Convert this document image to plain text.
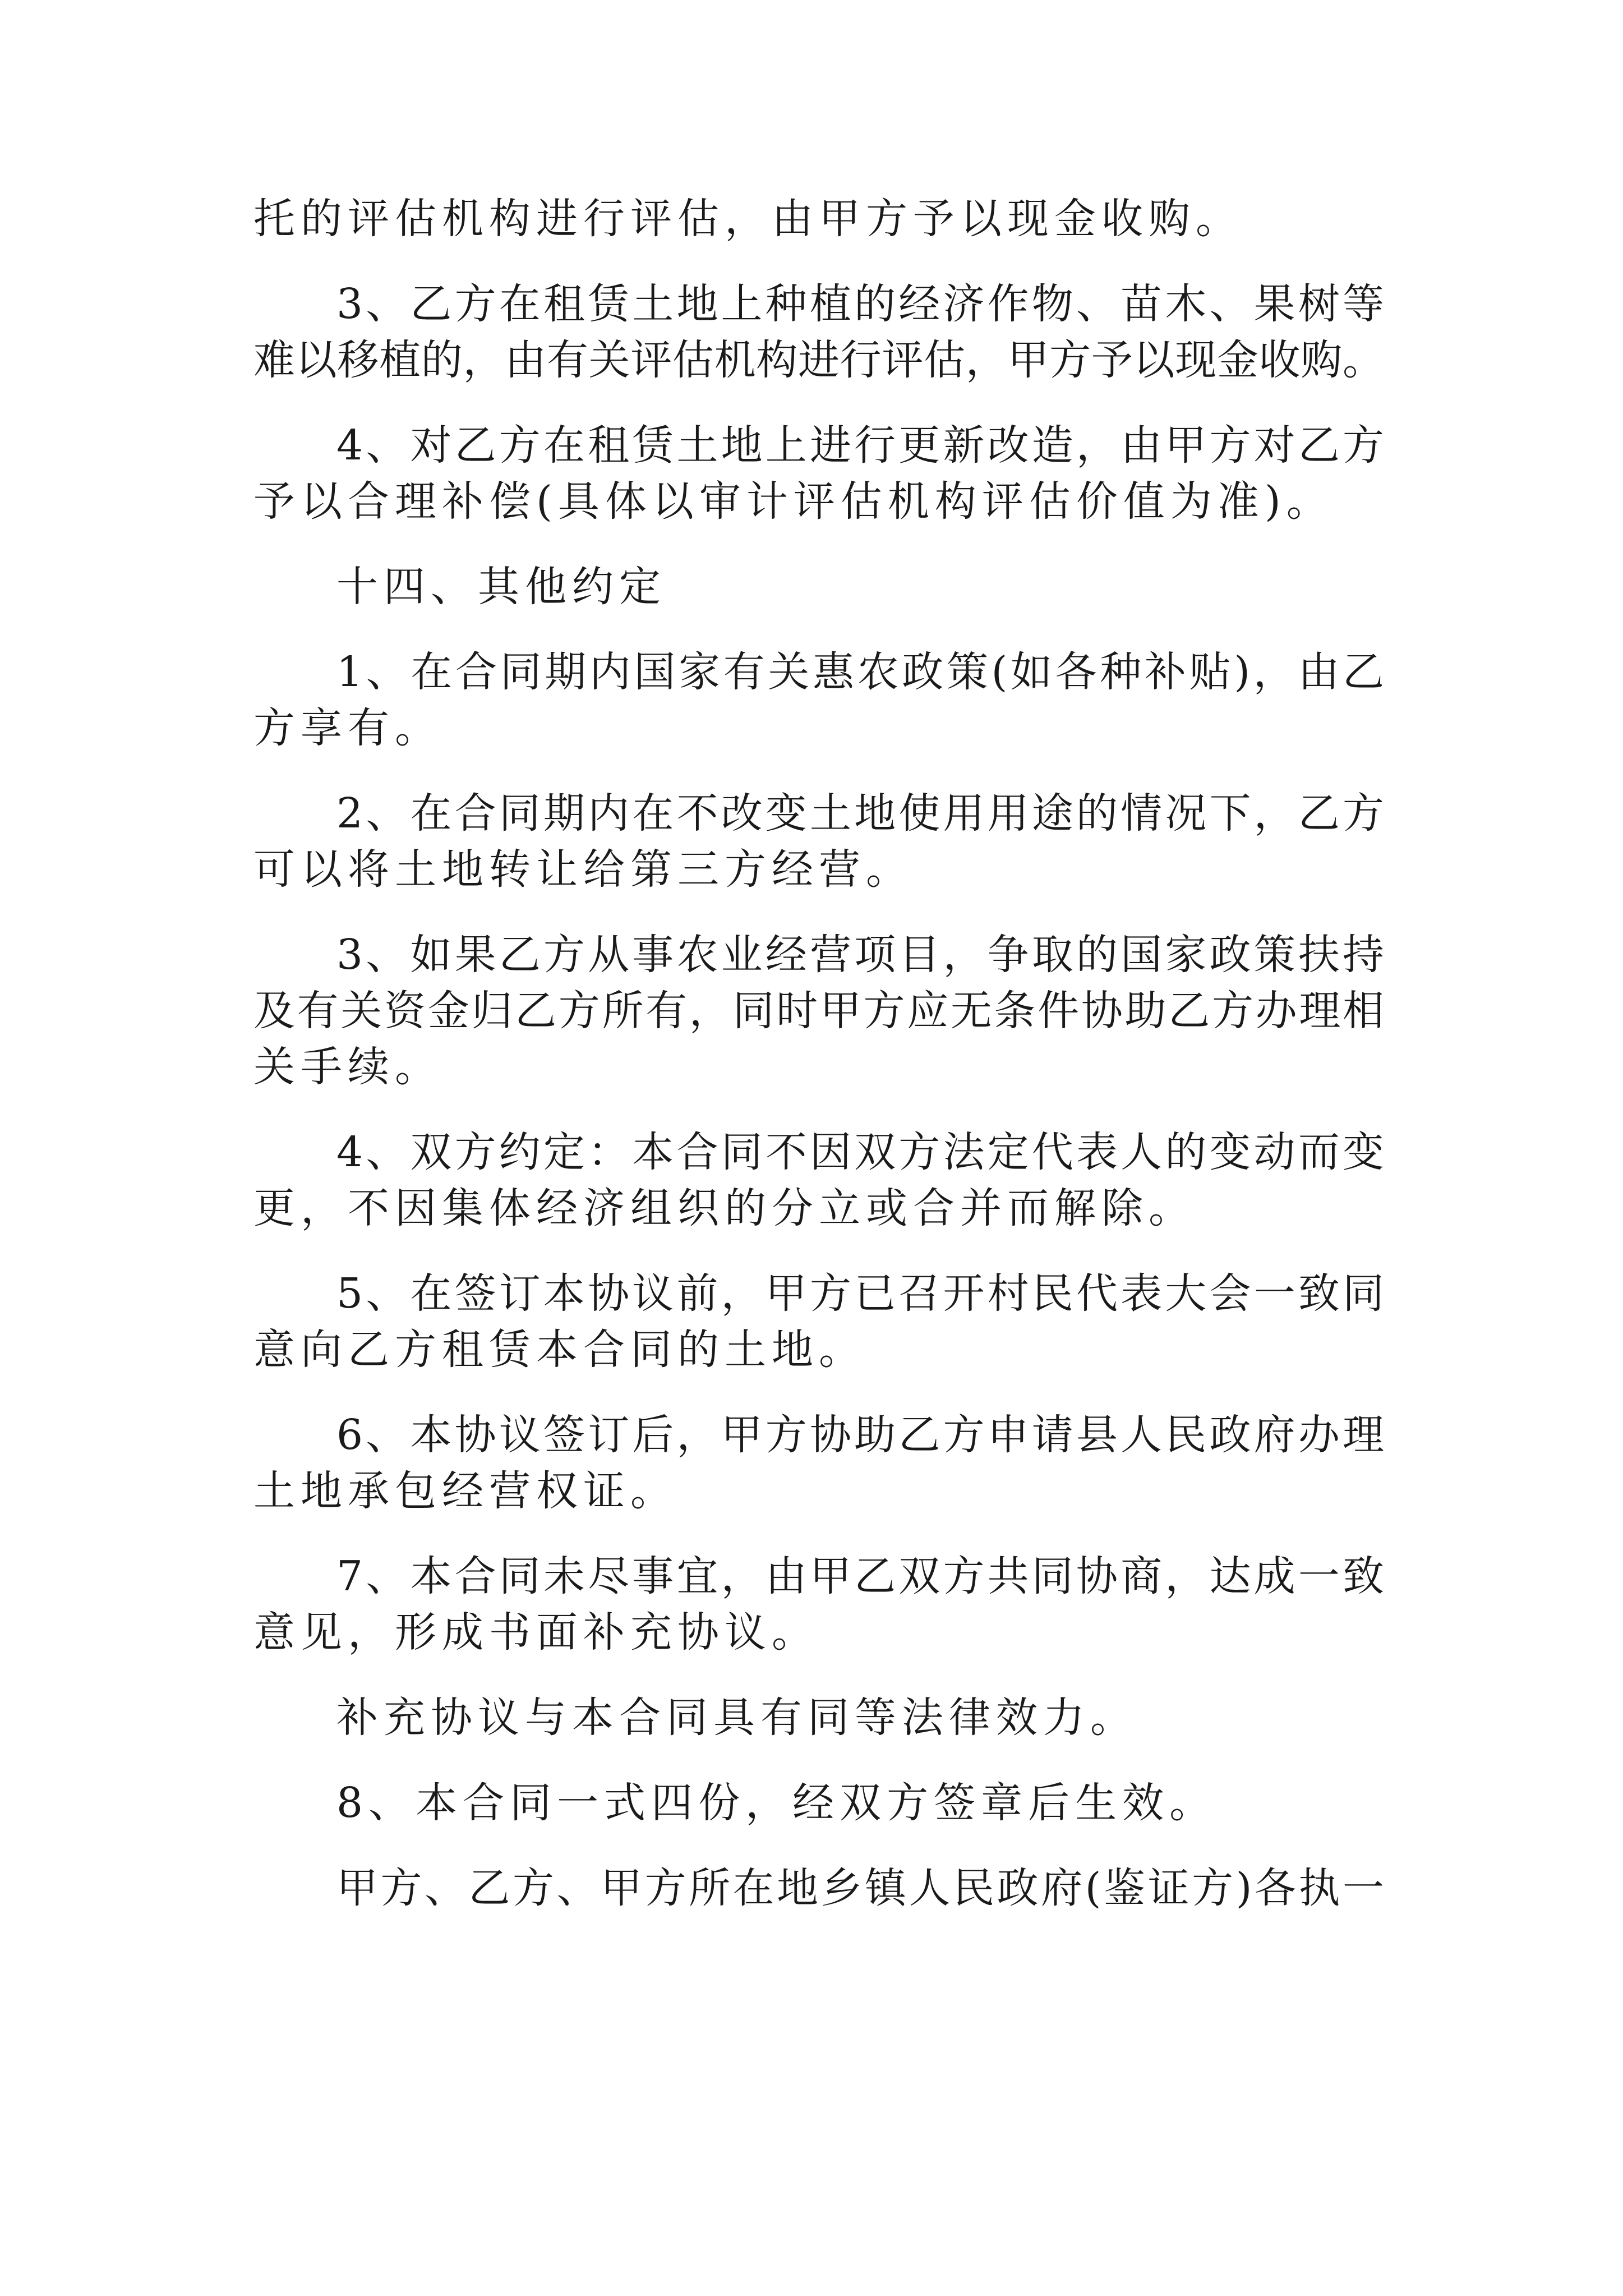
托的评估机构进行评估，由甲方予以现金收购。

3、乙方在租赁土地上种植的经济作物、苗木、果树等

难以移植的，由有关评估机构进行评估，甲方予以现金收购。

4、对乙方在租赁土地上进行更新改造，由甲方对乙方

予以合理补偿(具体以审计评估机构评估价值为准)。

十四、其他约定

1、在合同期内国家有关惠农政策(如各种补贴)，由乙

方享有。

2、在合同期内在不改变土地使用用途的情况下，乙方

可以将土地转让给第三方经营。

3、如果乙方从事农业经营项目，争取的国家政策扶持

及有关资金归乙方所有，同时甲方应无条件协助乙方办理相

关手续。

4、双方约定：本合同不因双方法定代表人的变动而变

更，不因集体经济组织的分立或合并而解除。

5、在签订本协议前，甲方已召开村民代表大会一致同

意向乙方租赁本合同的土地。

6、本协议签订后，甲方协助乙方申请县人民政府办理

土地承包经营权证。

7、本合同未尽事宜，由甲乙双方共同协商，达成一致

意见，形成书面补充协议。

补充协议与本合同具有同等法律效力。

8、本合同一式四份，经双方签章后生效。

甲方、乙方、甲方所在地乡镇人民政府(鉴证方)各执一
